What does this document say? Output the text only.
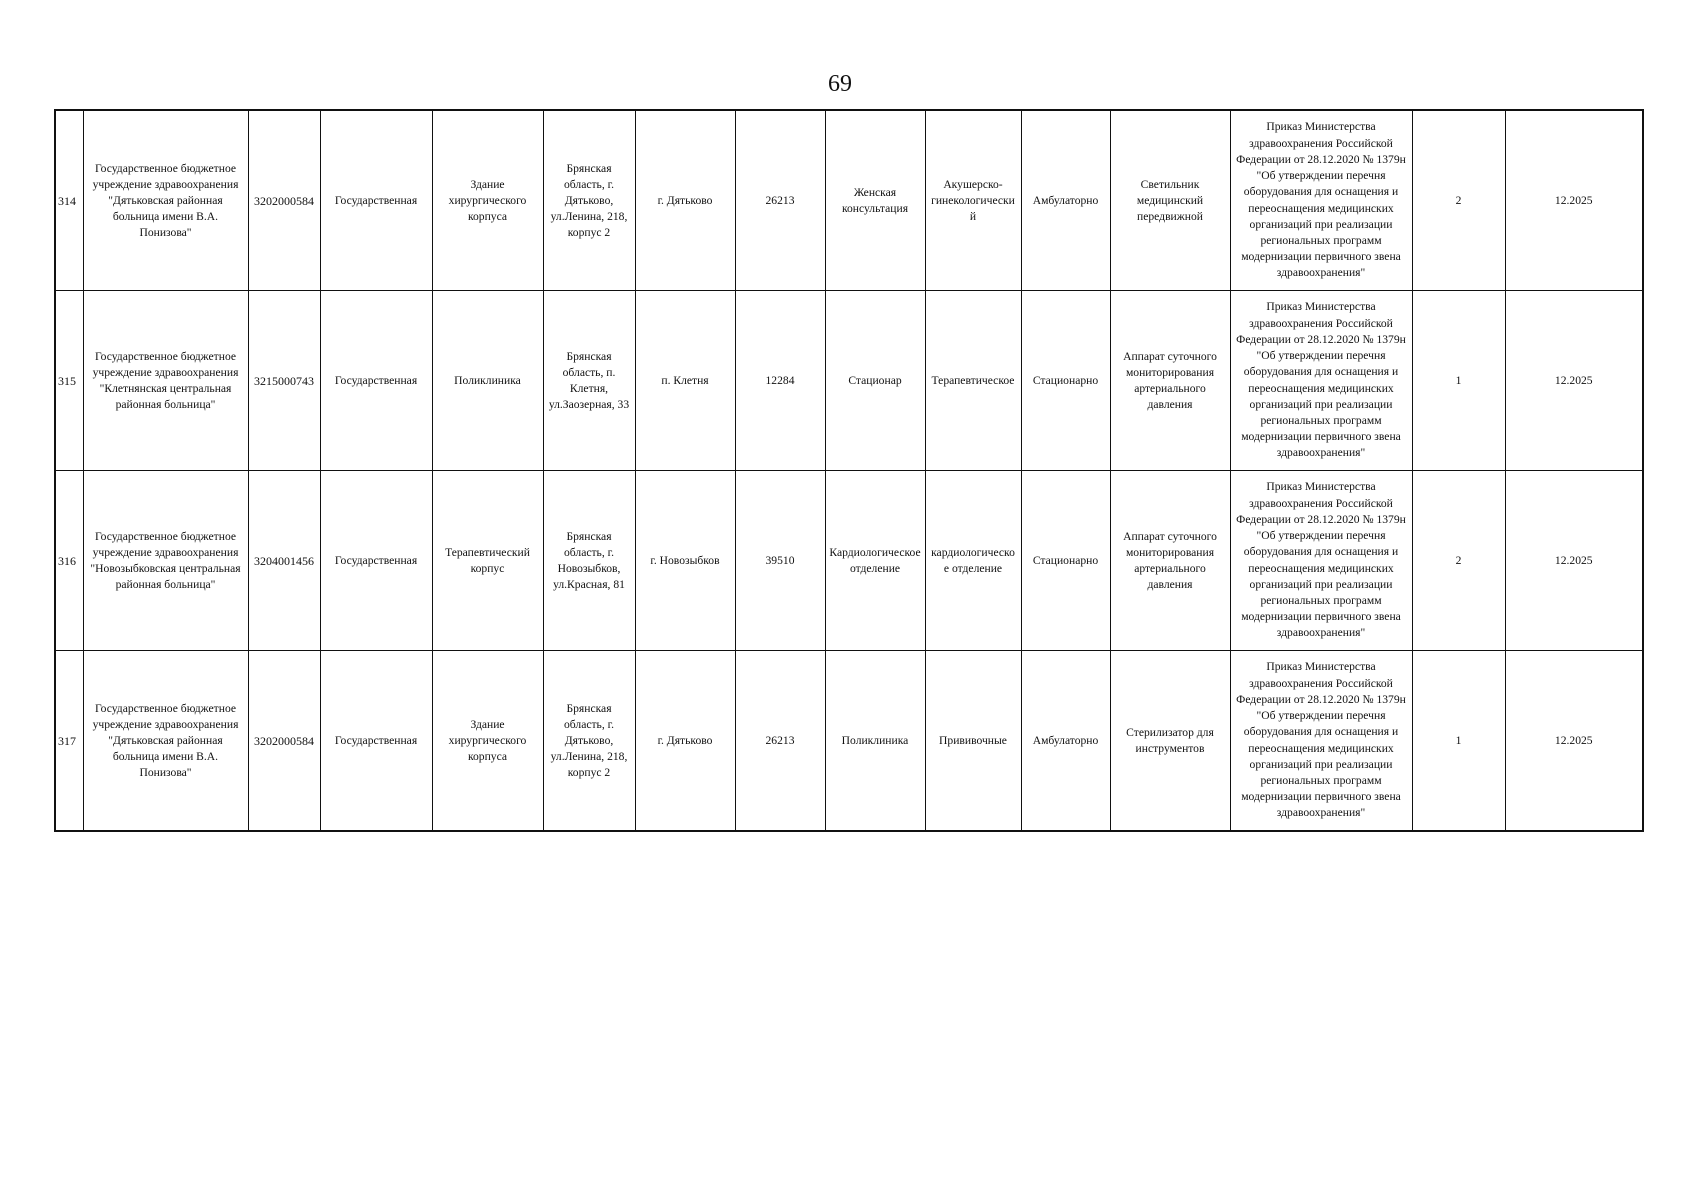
69
314	Государственное бюджетное учреждение здравоохранения "Дятьковская районная больница имени В.А. Понизова"	3202000584	Государственная	Здание хирургического корпуса	Брянская область, г. Дятьково, ул.Ленина, 218, корпус 2	г. Дятьково	26213	Женская консультация	Акушерско-гинекологический	Амбулаторно	Светильник медицинский передвижной	Приказ Министерства здравоохранения Российской Федерации от 28.12.2020 № 1379н "Об утверждении перечня оборудования для оснащения и переоснащения медицинских организаций при реализации региональных программ модернизации первичного звена здравоохранения"	2	12.2025
315	Государственное бюджетное учреждение здравоохранения "Клетнянская центральная районная больница"	3215000743	Государственная	Поликлиника	Брянская область, п. Клетня, ул.Заозерная, 33	п. Клетня	12284	Стационар	Терапевтическое	Стационарно	Аппарат суточного мониторирования артериального давления	Приказ Министерства здравоохранения Российской Федерации от 28.12.2020 № 1379н "Об утверждении перечня оборудования для оснащения и переоснащения медицинских организаций при реализации региональных программ модернизации первичного звена здравоохранения"	1	12.2025
316	Государственное бюджетное учреждение здравоохранения "Новозыбковская центральная районная больница"	3204001456	Государственная	Терапевтический корпус	Брянская область, г. Новозыбков, ул.Красная, 81	г. Новозыбков	39510	Кардиологическое отделение	кардиологическое отделение	Стационарно	Аппарат суточного мониторирования артериального давления	Приказ Министерства здравоохранения Российской Федерации от 28.12.2020 № 1379н "Об утверждении перечня оборудования для оснащения и переоснащения медицинских организаций при реализации региональных программ модернизации первичного звена здравоохранения"	2	12.2025
317	Государственное бюджетное учреждение здравоохранения "Дятьковская районная больница имени В.А. Понизова"	3202000584	Государственная	Здание хирургического корпуса	Брянская область, г. Дятьково, ул.Ленина, 218, корпус 2	г. Дятьково	26213	Поликлиника	Прививочные	Амбулаторно	Стерилизатор для инструментов	Приказ Министерства здравоохранения Российской Федерации от 28.12.2020 № 1379н "Об утверждении перечня оборудования для оснащения и переоснащения медицинских организаций при реализации региональных программ модернизации первичного звена здравоохранения"	1	12.2025
